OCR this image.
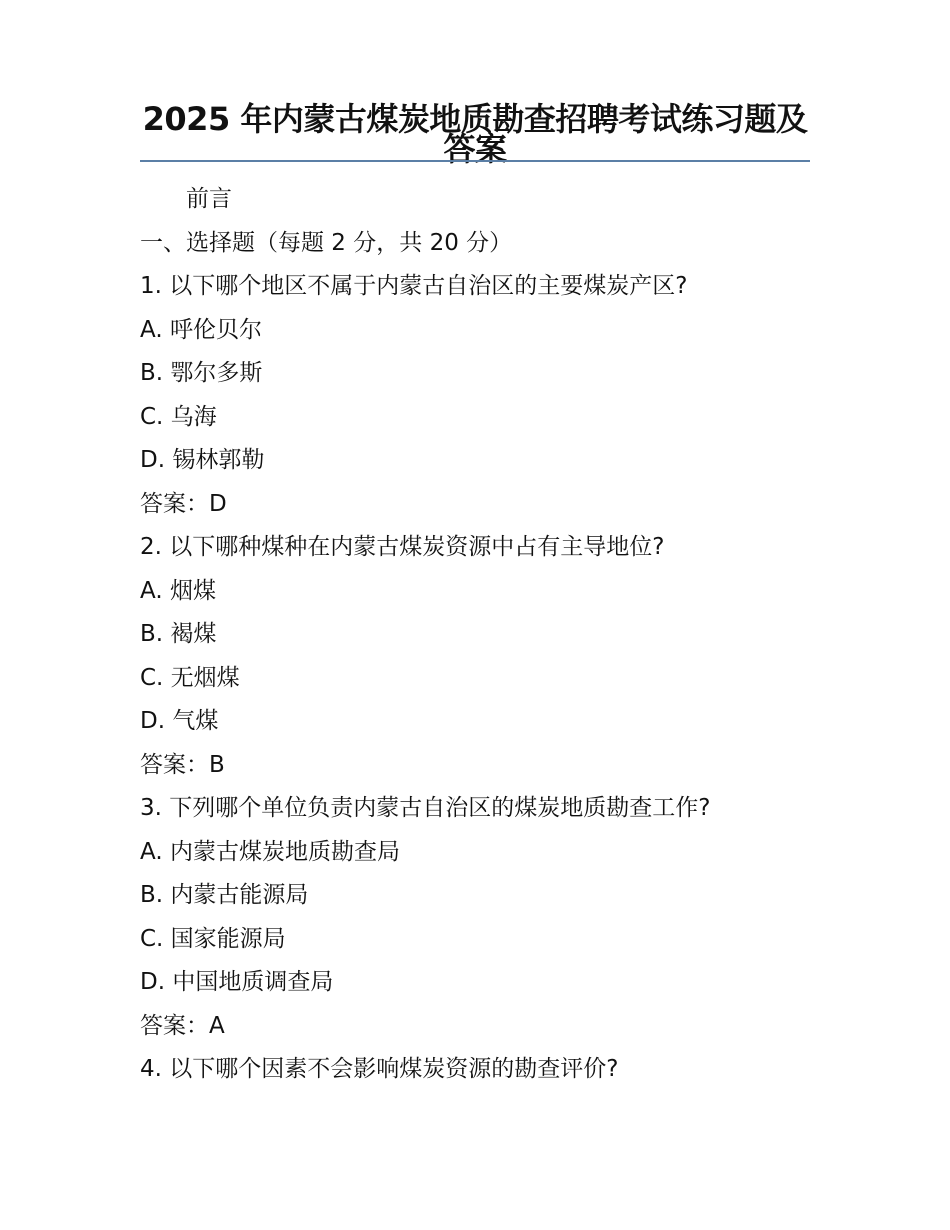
2025 年内蒙古煤炭地质勘查招聘考试练习题及答案
前言
一、选择题（每题 2 分，共 20 分）
1. 以下哪个地区不属于内蒙古自治区的主要煤炭产区?
A. 呼伦贝尔
B. 鄂尔多斯
C. 乌海
D. 锡林郭勒
答案：D
2. 以下哪种煤种在内蒙古煤炭资源中占有主导地位?
A. 烟煤
B. 褐煤
C. 无烟煤
D. 气煤
答案：B
3. 下列哪个单位负责内蒙古自治区的煤炭地质勘查工作?
A. 内蒙古煤炭地质勘查局
B. 内蒙古能源局
C. 国家能源局
D. 中国地质调查局
答案：A
4. 以下哪个因素不会影响煤炭资源的勘查评价?
